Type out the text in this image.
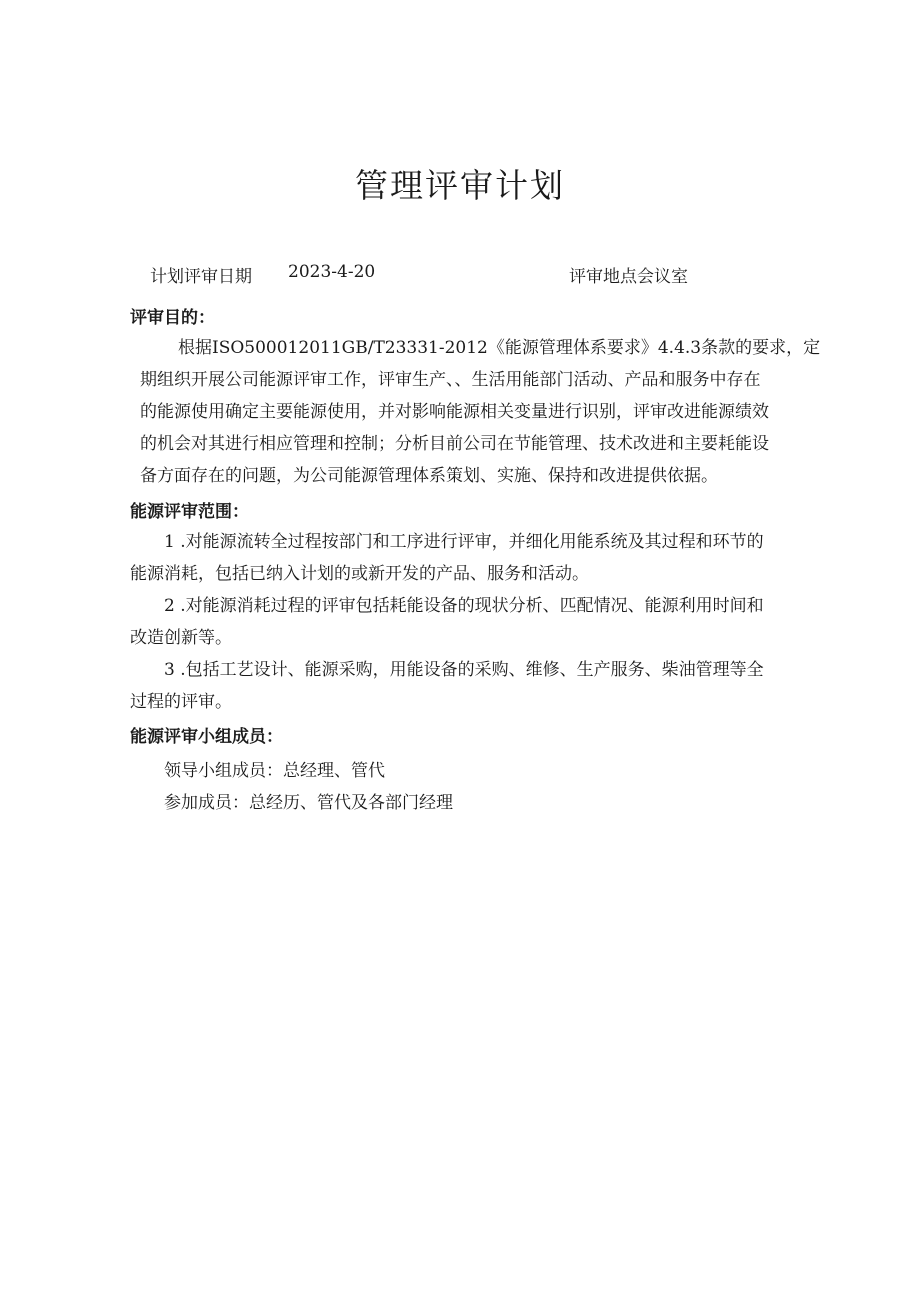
管理评审计划
计划评审日期 2023-4-20	评审地点会议室
评审目的：
根据ISO500012011GB/T23331-2012《能源管理体系要求》4.4.3条款的要求，定
期组织开展公司能源评审工作，评审生产、、生活用能部门活动、产品和服务中存在
的能源使用确定主要能源使用，并对影响能源相关变量进行识别，评审改进能源绩效
的机会对其进行相应管理和控制；分析目前公司在节能管理、技术改进和主要耗能设
备方面存在的问题，为公司能源管理体系策划、实施、保持和改进提供依据。
能源评审范围：
1 .对能源流转全过程按部门和工序进行评审，并细化用能系统及其过程和环节的
能源消耗，包括已纳入计划的或新开发的产品、服务和活动。
2 .对能源消耗过程的评审包括耗能设备的现状分析、匹配情况、能源利用时间和
改造创新等。
3 .包括工艺设计、能源采购，用能设备的采购、维修、生产服务、柴油管理等全
过程的评审。
能源评审小组成员：

领导小组成员：总经理、管代

参加成员：总经历、管代及各部门经理
